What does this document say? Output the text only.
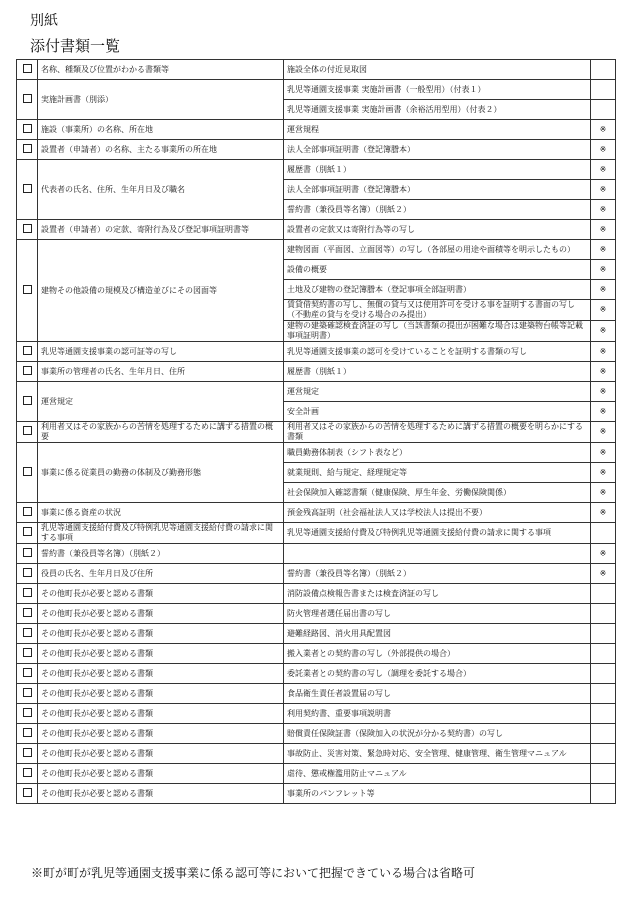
別紙
添付書類一覧
	名称、種類及び位置がわかる書類等	施設全体の付近見取図	
	実施計画書（別添）	乳児等通園支援事業 実施計画書（一般型用）（付表１）	
		乳児等通園支援事業 実施計画書（余裕活用型用）（付表２）	
	施設（事業所）の名称、所在地	運営規程	※
	設置者（申請者）の名称、主たる事業所の所在地	法人全部事項証明書（登記簿謄本）	※
	代表者の氏名、住所、生年月日及び職名	履歴書（別紙１）	※
		法人全部事項証明書（登記簿謄本）	※
		誓約書（兼役員等名簿）（別紙２）	※
	設置者（申請者）の定款、寄附行為及び登記事項証明書等	設置者の定款又は寄附行為等の写し	※
	建物その他設備の規模及び構造並びにその図面等	建物図面（平面図、立面図等）の写し（各部屋の用途や面積等を明示したもの）	※
		設備の概要	※
		土地及び建物の登記簿謄本（登記事項全部証明書）	※
		賃貸借契約書の写し、無償の貸与又は使用許可を受ける事を証明する書面の写し（不動産の貸与を受ける場合のみ提出）	※
		建物の建築確認検査済証の写し（当該書類の提出が困難な場合は建築物台帳等記載事項証明書）	※
	乳児等通園支援事業の認可証等の写し	乳児等通園支援事業の認可を受けていることを証明する書類の写し	※
	事業所の管理者の氏名、生年月日、住所	履歴書（別紙１）	※
	運営規定	運営規定	※
		安全計画	※
	利用者又はその家族からの苦情を処理するために講ずる措置の概要	利用者又はその家族からの苦情を処理するために講ずる措置の概要を明らかにする書類	※
	事業に係る従業員の勤務の体制及び勤務形態	職員勤務体制表（シフト表など）	※
		就業規則、給与規定、経理規定等	※
		社会保険加入確認書類（健康保険、厚生年金、労働保険関係）	※
	事業に係る資産の状況	預金残高証明（社会福祉法人又は学校法人は提出不要）	※
	乳児等通園支援給付費及び特例乳児等通園支援給付費の請求に関する事項	乳児等通園支援給付費及び特例乳児等通園支援給付費の請求に関する事項	
	誓約書（兼役員等名簿）（別紙２）		※
	役員の氏名、生年月日及び住所	誓約書（兼役員等名簿）（別紙２）	※
	その他町長が必要と認める書類	消防設備点検報告書または検査済証の写し	
	その他町長が必要と認める書類	防火管理者選任届出書の写し	
	その他町長が必要と認める書類	避難経路図、消火用具配置図	
	その他町長が必要と認める書類	搬入業者との契約書の写し（外部提供の場合）	
	その他町長が必要と認める書類	委託業者との契約書の写し（調理を委託する場合）	
	その他町長が必要と認める書類	食品衛生責任者設置届の写し	
	その他町長が必要と認める書類	利用契約書、重要事項説明書	
	その他町長が必要と認める書類	賠償責任保険証書（保険加入の状況が分かる契約書）の写し	
	その他町長が必要と認める書類	事故防止、災害対策、緊急時対応、安全管理、健康管理、衛生管理マニュアル	
	その他町長が必要と認める書類	虐待、懲戒権濫用防止マニュアル	
	その他町長が必要と認める書類	事業所のパンフレット等	
※町が町が乳児等通園支援事業に係る認可等において把握できている場合は省略可
